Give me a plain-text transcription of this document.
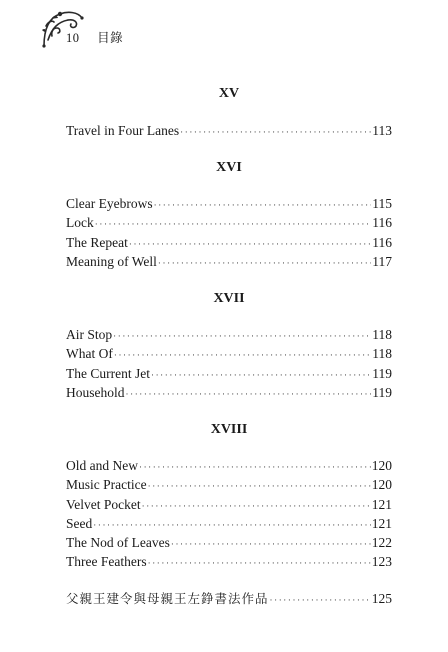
10 目錄
XV
Travel in Four Lanes ·····	113
XVI
Clear Eyebrows ·····	115
Lock ·····	116
The Repeat ·····	116
Meaning of Well ·····	117
XVII
Air Stop ·····	118
What Of ·····	118
The Current Jet ·····	119
Household ·····	119
XVIII
Old and New ·····	120
Music Practice ·····	120
Velvet Pocket ·····	121
Seed ·····	121
The Nod of Leaves ·····	122
Three Feathers ·····	123
父親王建令與母親王左錚書法作品 ·····	125
